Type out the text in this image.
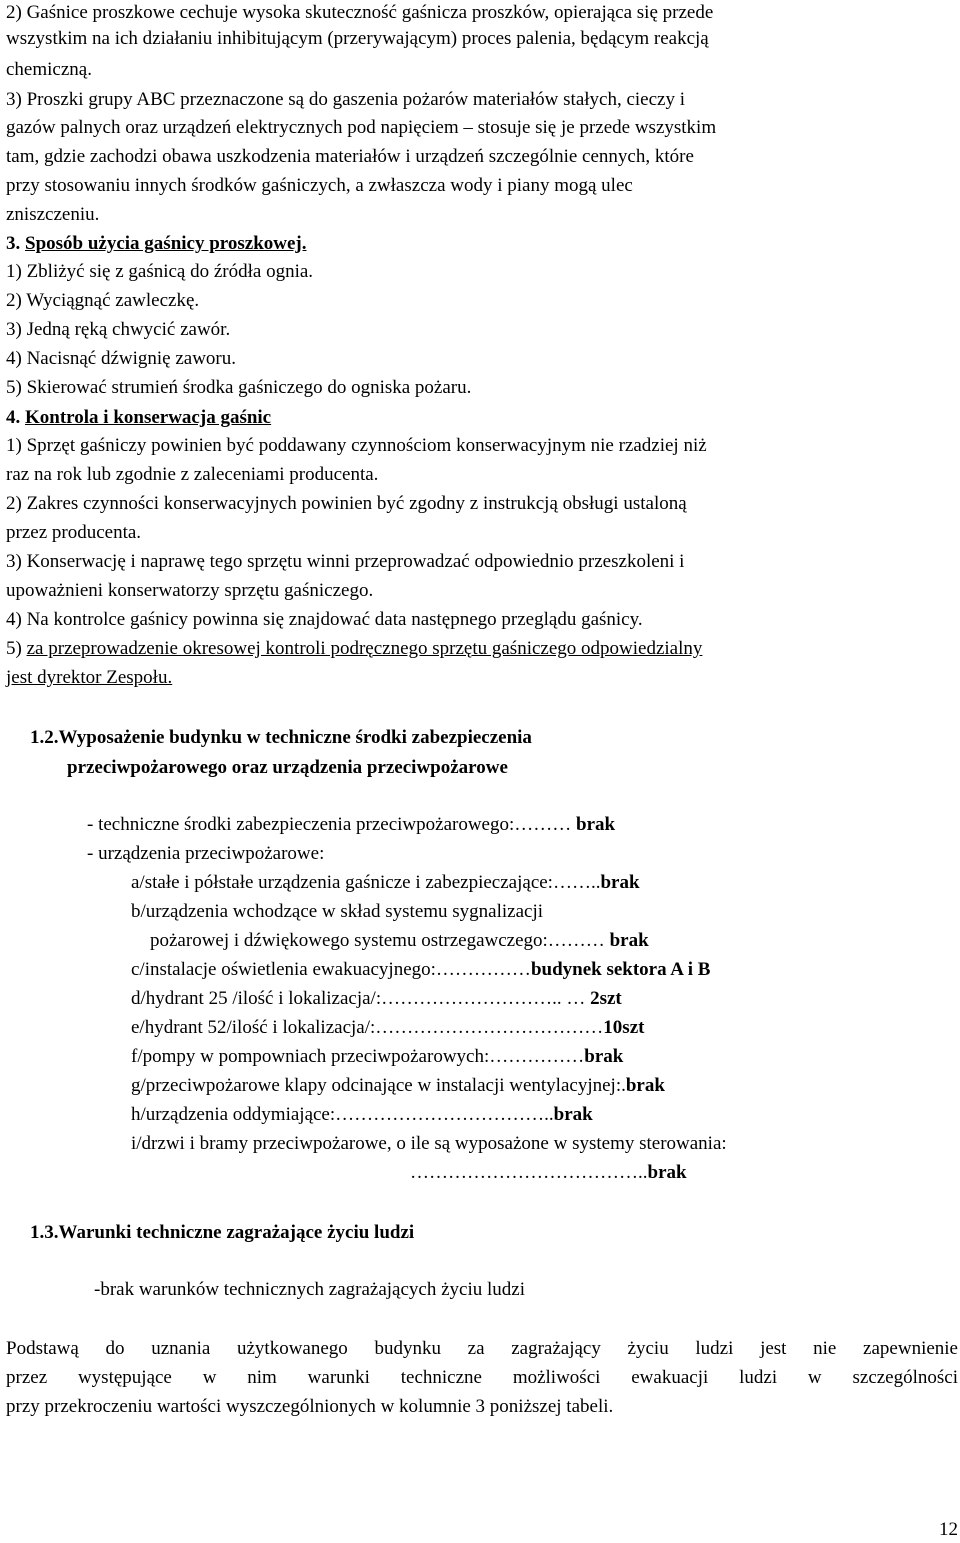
2) Gaśnice proszkowe cechuje wysoka skuteczność gaśnicza proszków, opierająca się przede
wszystkim na ich działaniu inhibitującym (przerywającym) proces palenia, będącym reakcją
chemiczną.
3) Proszki grupy ABC przeznaczone są do gaszenia pożarów materiałów stałych, cieczy i
gazów palnych oraz urządzeń elektrycznych pod napięciem – stosuje się je przede wszystkim
tam, gdzie zachodzi obawa uszkodzenia materiałów i urządzeń szczególnie cennych, które
przy stosowaniu innych środków gaśniczych, a zwłaszcza wody i piany mogą ulec
zniszczeniu.
3. Sposób użycia gaśnicy proszkowej.
1) Zbliżyć się z gaśnicą do źródła ognia.
2) Wyciągnąć zawleczkę.
3) Jedną ręką chwycić zawór.
4) Nacisnąć dźwignię zaworu.
5) Skierować strumień środka gaśniczego do ogniska pożaru.
4. Kontrola i konserwacja gaśnic
1) Sprzęt gaśniczy powinien być poddawany czynnościom konserwacyjnym nie rzadziej niż
raz na rok lub zgodnie z zaleceniami producenta.
2) Zakres czynności konserwacyjnych powinien być zgodny z instrukcją obsługi ustaloną
przez producenta.
3) Konserwację i naprawę tego sprzętu winni przeprowadzać odpowiednio przeszkoleni i
upoważnieni konserwatorzy sprzętu gaśniczego.
4) Na kontrolce gaśnicy powinna się znajdować data następnego przeglądu gaśnicy.
5) za przeprowadzenie okresowej kontroli podręcznego sprzętu gaśniczego odpowiedzialny
jest dyrektor Zespołu.
1.2.Wyposażenie budynku w techniczne środki zabezpieczenia
przeciwpożarowego oraz urządzenia przeciwpożarowe
- techniczne środki zabezpieczenia przeciwpożarowego:……… brak
- urządzenia przeciwpożarowe:
a/stałe i półstałe urządzenia gaśnicze i zabezpieczające:……..brak
b/urządzenia wchodzące w skład systemu sygnalizacji
pożarowej i dźwiękowego systemu ostrzegawczego:……… brak
c/instalacje oświetlenia ewakuacyjnego:……………budynek sektora A i B
d/hydrant 25 /ilość i lokalizacja/:……………………….. … 2szt
e/hydrant 52/ilość i lokalizacja/:………………………………10szt
f/pompy w pompowniach przeciwpożarowych:……………brak
g/przeciwpożarowe klapy odcinające w instalacji wentylacyjnej:.brak
h/urządzenia oddymiające:……………………………..brak
i/drzwi i bramy przeciwpożarowe, o ile są wyposażone w systemy sterowania:
………………………………..brak
1.3.Warunki techniczne zagrażające życiu ludzi
-brak warunków technicznych zagrażających życiu ludzi
Podstawą do uznania użytkowanego budynku za zagrażający życiu ludzi jest nie zapewnienie
przez występujące w nim warunki techniczne możliwości ewakuacji ludzi w szczególności
przy przekroczeniu wartości wyszczególnionych w kolumnie 3 poniższej tabeli.
12
